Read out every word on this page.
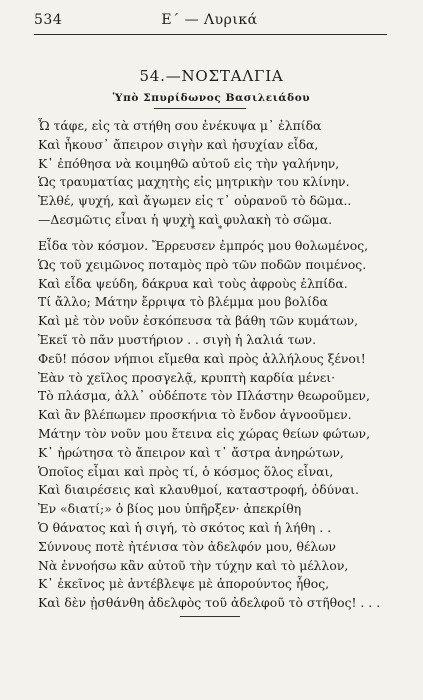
534	Ε΄ — Λυρικά
54.—ΝΟΣΤΑΛΓΙΑ
Ὑπὸ Σπυρίδωνος Βασιλειάδου
Ὦ τάφε, εἰς τὰ στήθη σου ἐνέκυψα μ᾽ ἐλπίδα
Καὶ ἦκουσ᾽ ἄπειρον σιγὴν καὶ ἡσυχίαν εἶδα,
Κ᾽ ἐπόθησα νὰ κοιμηθῶ αὐτοῦ εἰς τὴν γαλήνην,
Ὡς τραυματίας μαχητὴς εἰς μητρικὴν του κλίνην.
Ἐλθέ, ψυχή, καὶ ἄγωμεν εἰς τ᾽ οὐρανοῦ τὸ δῶμα..
—Δεσμῶτις εἶναι ἡ ψυχὴ καὶ φυλακὴ τὸ σῶμα.
* *
Εἶδα τὸν κόσμον. Ἔρρευσεν ἐμπρός μου θολωμένος,
Ὡς τοῦ χειμῶνος ποταμὸς πρὸ τῶν ποδῶν ποιμένος.
Καὶ εἶδα ψεύδη, δάκρυα καὶ τοὺς ἀφροὺς ἐλπίδα.
Τί ἄλλο; Μάτην ἔρριψα τὸ βλέμμα μου βολίδα
Καὶ μὲ τὸν νοῦν ἐσκόπευσα τὰ βάθη τῶν κυμάτων,
Ἐκεῖ τὸ πᾶν μυστήριον . . σιγὴ ἡ λαλιά των.
Φεῦ! πόσον νήπιοι εἴμεθα καὶ πρὸς ἀλλήλους ξένοι!
Ἐὰν τὸ χεῖλος προσγελᾷ, κρυπτὴ καρδία μένει·
Τὸ πλάσμα, ἀλλ᾽ οὐδέποτε τὸν Πλάστην θεωροῦμεν,
Καὶ ἂν βλέπωμεν προσκήνια τὸ ἔνδον ἀγνοοῦμεν.
Μάτην τὸν νοῦν μου ἔτεινα εἰς χώρας θείων φώτων,
Κ᾽ ἠρώτησα τὸ ἄπειρον καὶ τ᾽ ἄστρα ἀνηρώτων,
Ὁποῖος εἶμαι καὶ πρὸς τί, ὁ κόσμος ὅλος εἶναι,
Καὶ διαιρέσεις καὶ κλαυθμοί, καταστροφή, ὀδύναι.
Ἐν «διατί;» ὁ βίος μου ὑπῆρξεν· ἀπεκρίθη
Ὁ θάνατος καὶ ἡ σιγή, τὸ σκότος καὶ ἡ λήθη . .
Σύννους ποτὲ ἠτένισα τὸν ἀδελφόν μου, θέλων
Νὰ ἐννοήσω κἂν αὐτοῦ τὴν τύχην καὶ τὸ μέλλον,
Κ᾽ ἐκεῖνος μὲ ἀντέβλεψε μὲ ἀπορούντος ἦθος,
Καὶ δὲν ᾐσθάνθη ἀδελφὸς τοῦ ἀδελφοῦ τὸ στῆθος! . . .
